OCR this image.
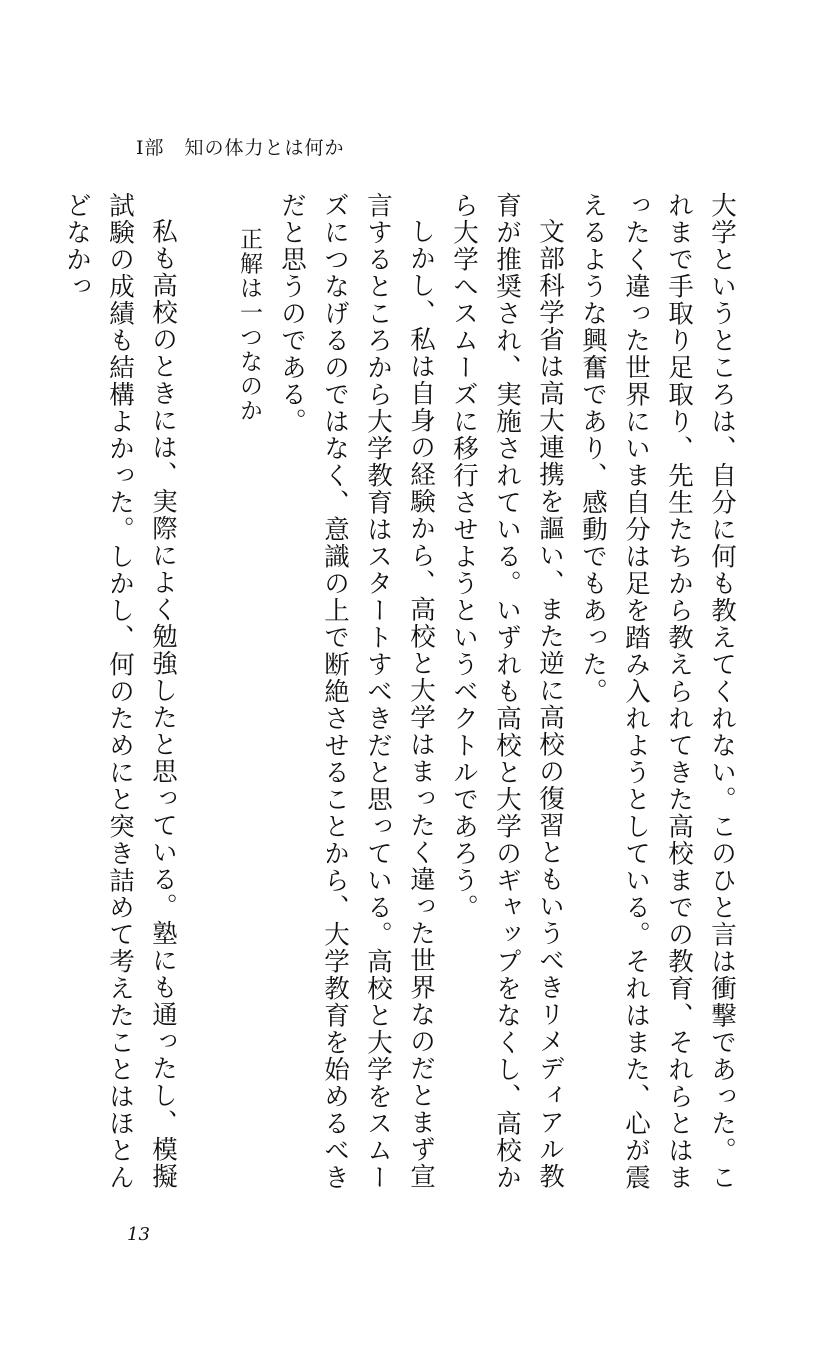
I部　知の体力とは何か

大学というところは、自分に何も教えてくれない。このひと言は衝撃であった。これまで手取り足取り、先生たちから教えられてきた高校までの教育、それらとはまったく違った世界にいま自分は足を踏み入れようとしている。それはまた、心が震えるような興奮であり、感動でもあった。

文部科学省は高大連携を謳い、また逆に高校の復習ともいうべきリメディアル教育が推奨され、実施されている。いずれも高校と大学のギャップをなくし、高校から大学へスムーズに移行させようというベクトルであろう。

しかし、私は自身の経験から、高校と大学はまったく違った世界なのだとまず宣言するところから大学教育はスタートすべきだと思っている。高校と大学をスムーズにつなげるのではなく、意識の上で断絶させることから、大学教育を始めるべきだと思うのである。

正解は一つなのか

私も高校のときには、実際によく勉強したと思っている。塾にも通ったし、模擬試験の成績も結構よかった。しかし、何のためにと突き詰めて考えたことはほとんどなかっ

13
